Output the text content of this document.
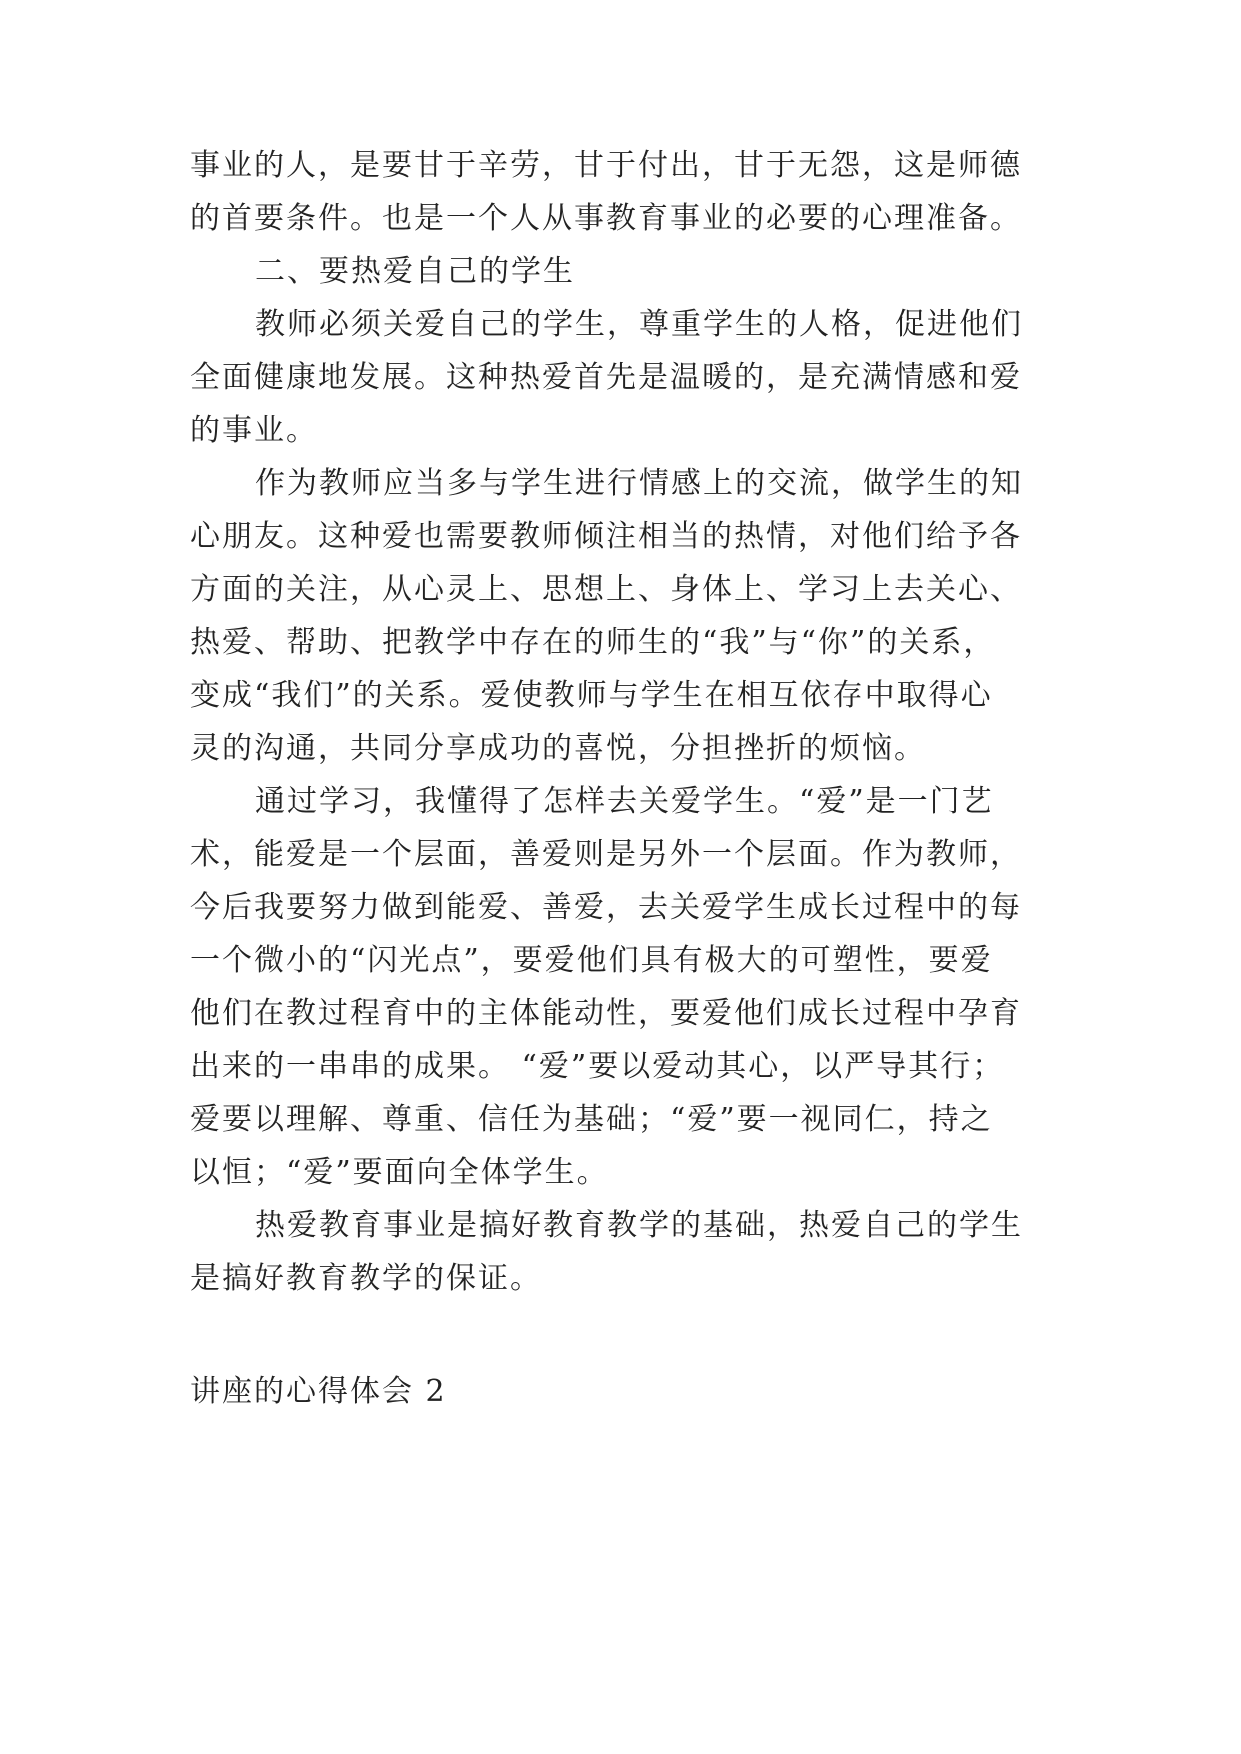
事业的人，是要甘于辛劳，甘于付出，甘于无怨，这是师德
的首要条件。也是一个人从事教育事业的必要的心理准备。
二、要热爱自己的学生
教师必须关爱自己的学生，尊重学生的人格，促进他们
全面健康地发展。这种热爱首先是温暖的，是充满情感和爱
的事业。
作为教师应当多与学生进行情感上的交流，做学生的知
心朋友。这种爱也需要教师倾注相当的热情，对他们给予各
方面的关注，从心灵上、思想上、身体上、学习上去关心、
热爱、帮助、把教学中存在的师生的“我”与“你”的关系，
变成“我们”的关系。爱使教师与学生在相互依存中取得心
灵的沟通，共同分享成功的喜悦，分担挫折的烦恼。
通过学习，我懂得了怎样去关爱学生。“爱”是一门艺
术，能爱是一个层面，善爱则是另外一个层面。作为教师，
今后我要努力做到能爱、善爱，去关爱学生成长过程中的每
一个微小的“闪光点”，要爱他们具有极大的可塑性，要爱
他们在教过程育中的主体能动性，要爱他们成长过程中孕育
出来的一串串的成果。 “爱”要以爱动其心，以严导其行；
爱要以理解、尊重、信任为基础；“爱”要一视同仁，持之
以恒；“爱”要面向全体学生。
热爱教育事业是搞好教育教学的基础，热爱自己的学生
是搞好教育教学的保证。
讲座的心得体会 2
